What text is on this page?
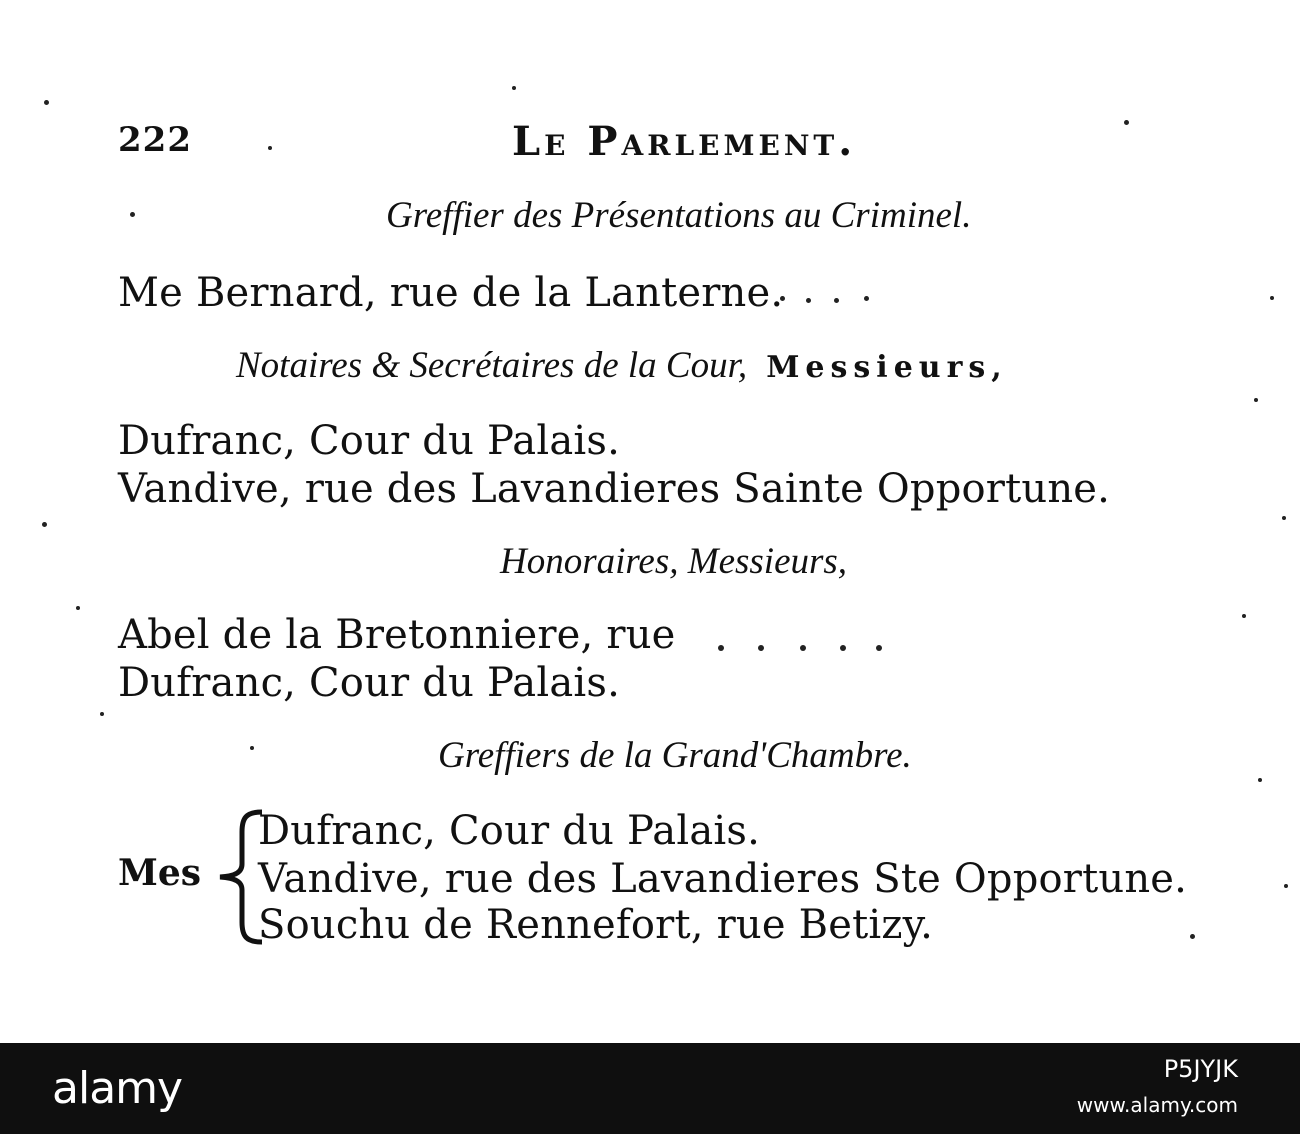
222	Le Parlement.
Greffier des Présentations au Criminel.
Me Bernard, rue de la Lanterne.
Notaires & Secrétaires de la Cour, Messieurs,
Dufranc, Cour du Palais.
Vandive, rue des Lavandieres Sainte Opportune.
Honoraires, Messieurs,
Abel de la Bretonniere, rue
Dufranc, Cour du Palais.
Greffiers de la Grand'Chambre.
Mes
Dufranc, Cour du Palais.
Vandive, rue des Lavandieres Ste Opportune.
Souchu de Rennefort, rue Betizy.
alamy	P5JYJK
www.alamy.com
